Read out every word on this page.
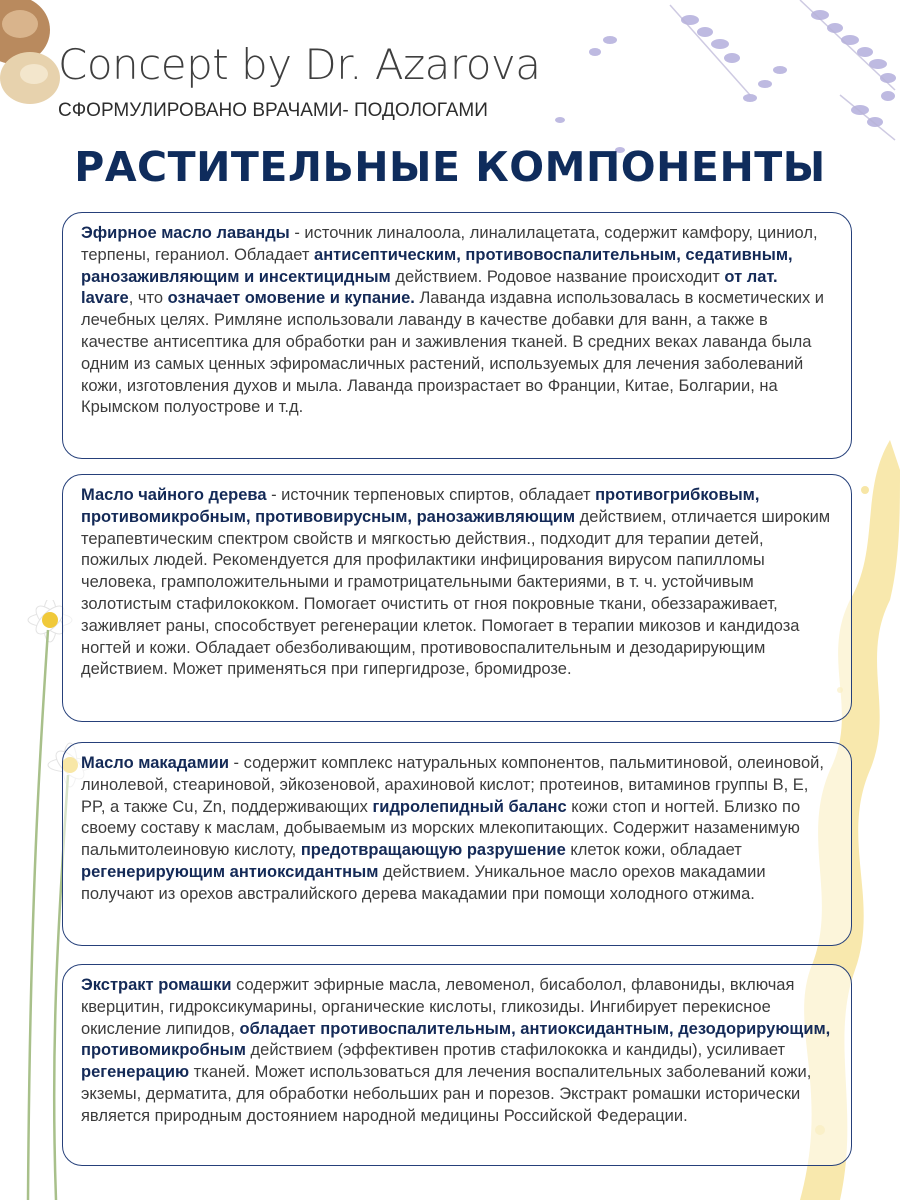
Concept by Dr. Azarova
СФОРМУЛИРОВАНО ВРАЧАМИ- ПОДОЛОГАМИ
РАСТИТЕЛЬНЫЕ КОМПОНЕНТЫ
Эфирное масло лаванды - источник линалоола, линалилацетата, содержит камфору, циниол, терпены, гераниол. Обладает антисептическим, противовоспалительным, седативным, ранозаживляющим и инсектицидным действием. Родовое название происходит от лат. lavare, что означает омовение и купание. Лаванда издавна использовалась в косметических и лечебных целях. Римляне использовали лаванду в качестве добавки для ванн, а также в качестве антисептика для обработки ран и заживления тканей. В средних веках лаванда была одним из самых ценных эфиромасличных растений, используемых для лечения заболеваний кожи, изготовления духов и мыла. Лаванда произрастает во Франции, Китае, Болгарии, на Крымском полуострове и т.д.
Масло чайного дерева - источник терпеновых спиртов, обладает противогрибковым, противомикробным, противовирусным, ранозаживляющим действием, отличается широким терапевтическим спектром свойств и мягкостью действия., подходит для терапии детей, пожилых людей. Рекомендуется для профилактики инфицирования вирусом папилломы человека, грамположительными и грамотрицательными бактериями, в т. ч. устойчивым золотистым стафилококком. Помогает очистить от гноя покровные ткани, обеззараживает, заживляет раны, способствует регенерации клеток. Помогает в терапии микозов и кандидоза ногтей и кожи. Обладает обезболивающим, противовоспалительным и дезодарирующим действием. Может применяться при гипергидрозе, бромидрозе.
Масло макадамии - содержит комплекс натуральных компонентов, пальмитиновой, олеиновой, линолевой, стеариновой, эйкозеновой, арахиновой кислот; протеинов, витаминов группы B, E, PP, а также Cu, Zn, поддерживающих гидролепидный баланс кожи стоп и ногтей. Близко по своему составу к маслам, добываемым из морских млекопитающих. Содержит назаменимую пальмитолеиновую кислоту, предотвращающую разрушение клеток кожи, обладает регенерирующим антиоксидантным действием. Уникальное масло орехов макадамии получают из орехов австралийского дерева макадамии при помощи холодного отжима.
Экстракт ромашки содержит эфирные масла, левоменол, бисаболол, флавониды, включая кверцитин, гидроксикумарины, органические кислоты, гликозиды. Ингибирует перекисное окисление липидов, обладает противоспалительным, антиоксидантным, дезодорирующим, противомикробным действием (эффективен против стафилококка и кандиды), усиливает регенерацию тканей. Может использоваться для лечения воспалительных заболеваний кожи, экземы, дерматита, для обработки небольших ран и порезов. Экстракт ромашки исторически является природным достоянием народной медицины Российской Федерации.
